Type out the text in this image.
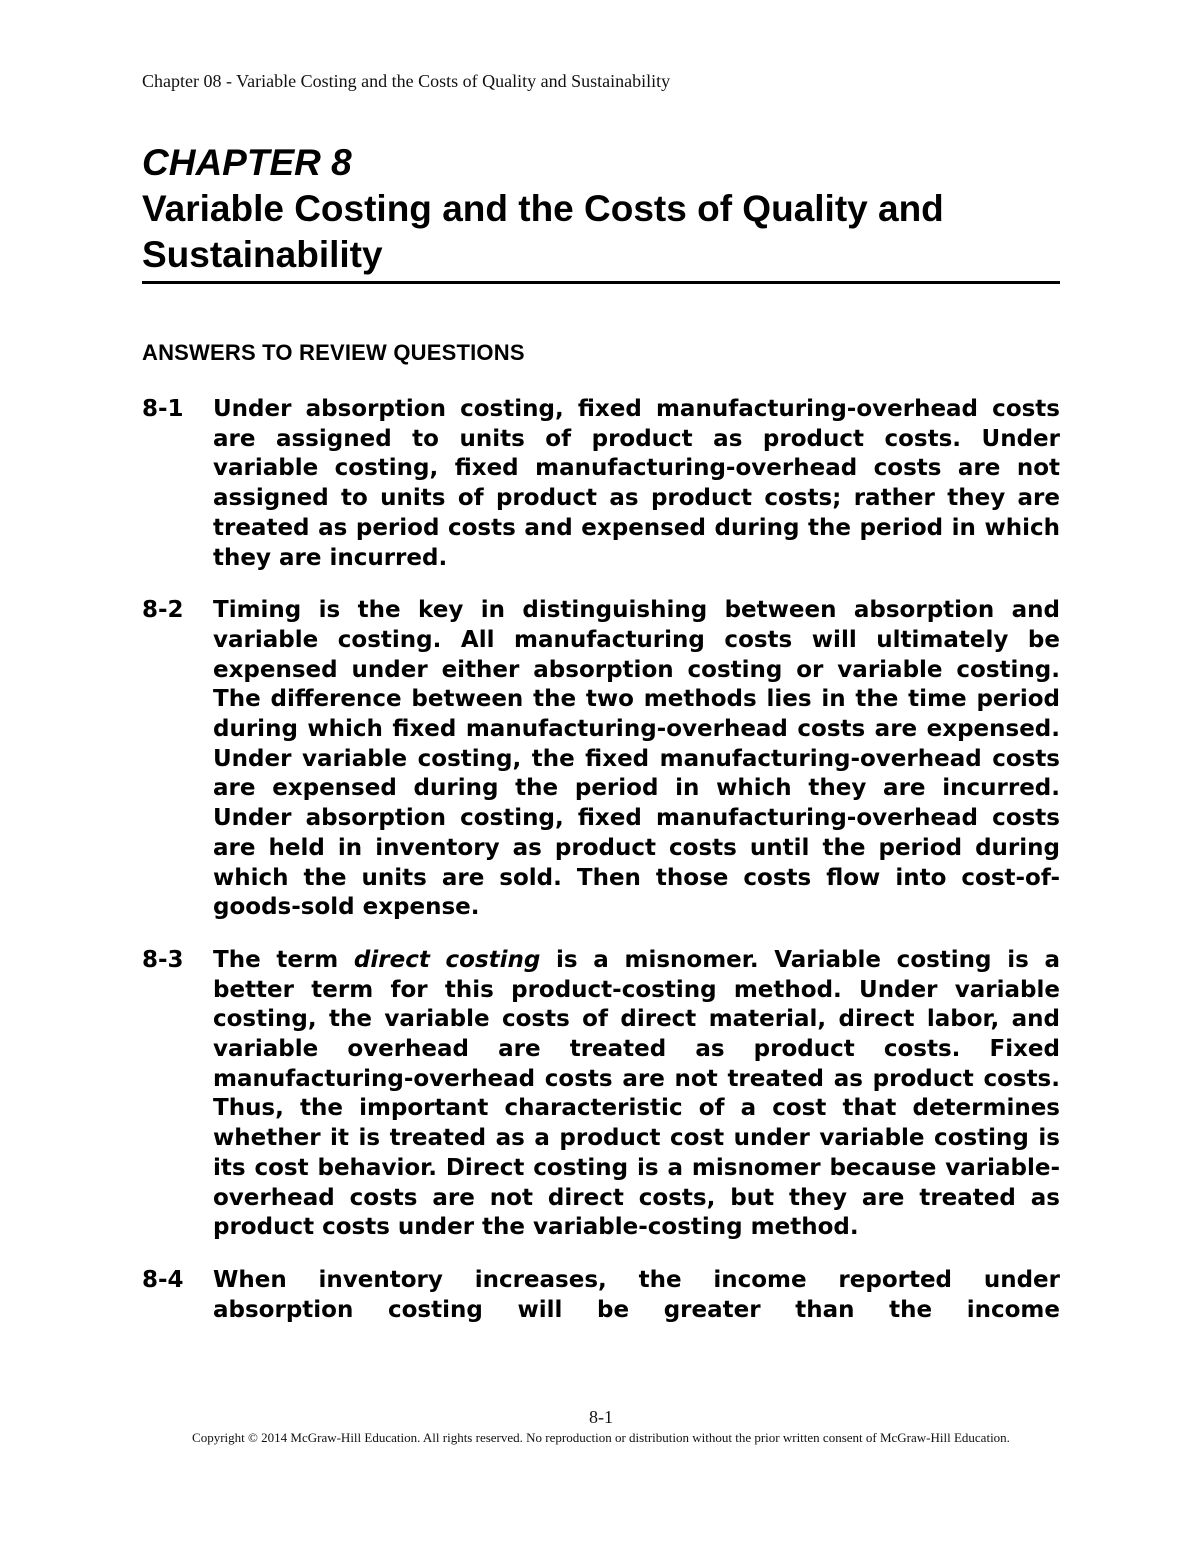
Chapter 08 - Variable Costing and the Costs of Quality and Sustainability
CHAPTER 8
Variable Costing and the Costs of Quality and Sustainability
ANSWERS TO REVIEW QUESTIONS
8-1	Under absorption costing, fixed manufacturing-overhead costs are assigned to units of product as product costs. Under variable costing, fixed manufacturing-overhead costs are not assigned to units of product as product costs; rather they are treated as period costs and expensed during the period in which they are incurred.
8-2	Timing is the key in distinguishing between absorption and variable costing. All manufacturing costs will ultimately be expensed under either absorption costing or variable costing. The difference between the two methods lies in the time period during which fixed manufacturing-overhead costs are expensed. Under variable costing, the fixed manufacturing-overhead costs are expensed during the period in which they are incurred. Under absorption costing, fixed manufacturing-overhead costs are held in inventory as product costs until the period during which the units are sold. Then those costs flow into cost-of-goods-sold expense.
8-3	The term direct costing is a misnomer. Variable costing is a better term for this product-costing method. Under variable costing, the variable costs of direct material, direct labor, and variable overhead are treated as product costs. Fixed manufacturing-overhead costs are not treated as product costs. Thus, the important characteristic of a cost that determines whether it is treated as a product cost under variable costing is its cost behavior. Direct costing is a misnomer because variable-overhead costs are not direct costs, but they are treated as product costs under the variable-costing method.
8-4	When inventory increases, the income reported under absorption costing will be greater than the income
8-1
Copyright © 2014 McGraw-Hill Education. All rights reserved. No reproduction or distribution without the prior written consent of McGraw-Hill Education.
